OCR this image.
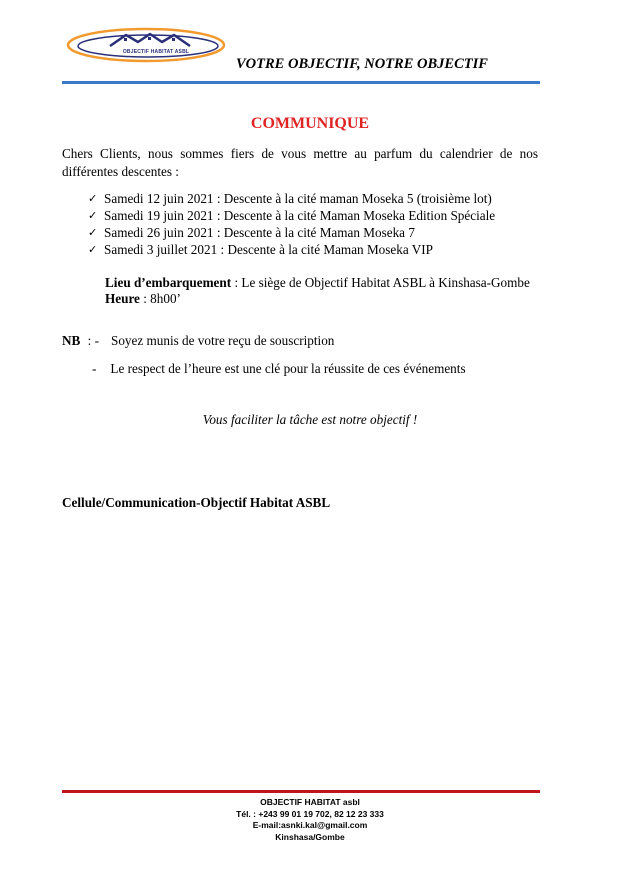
OBJECTIF HABITAT ASBL
VOTRE OBJECTIF, NOTRE OBJECTIF
COMMUNIQUE
Chers Clients, nous sommes fiers de vous mettre au parfum du calendrier de nos
différentes descentes :
✓ Samedi 12 juin 2021 : Descente à la cité maman Moseka 5 (troisième lot)
✓ Samedi 19 juin 2021 : Descente à la cité Maman Moseka Edition Spéciale
✓ Samedi 26 juin 2021 : Descente à la cité Maman Moseka 7
✓ Samedi 3 juillet 2021 : Descente à la cité Maman Moseka VIP
Lieu d’embarquement : Le siège de Objectif Habitat ASBL à Kinshasa-Gombe
Heure : 8h00’
NB : - Soyez munis de votre reçu de souscription
- Le respect de l’heure est une clé pour la réussite de ces événements
Vous faciliter la tâche est notre objectif !
Cellule/Communication-Objectif Habitat ASBL
OBJECTIF HABITAT asbl
Tél. : +243 99 01 19 702, 82 12 23 333
E-mail:asnki.kal@gmail.com
Kinshasa/Gombe
